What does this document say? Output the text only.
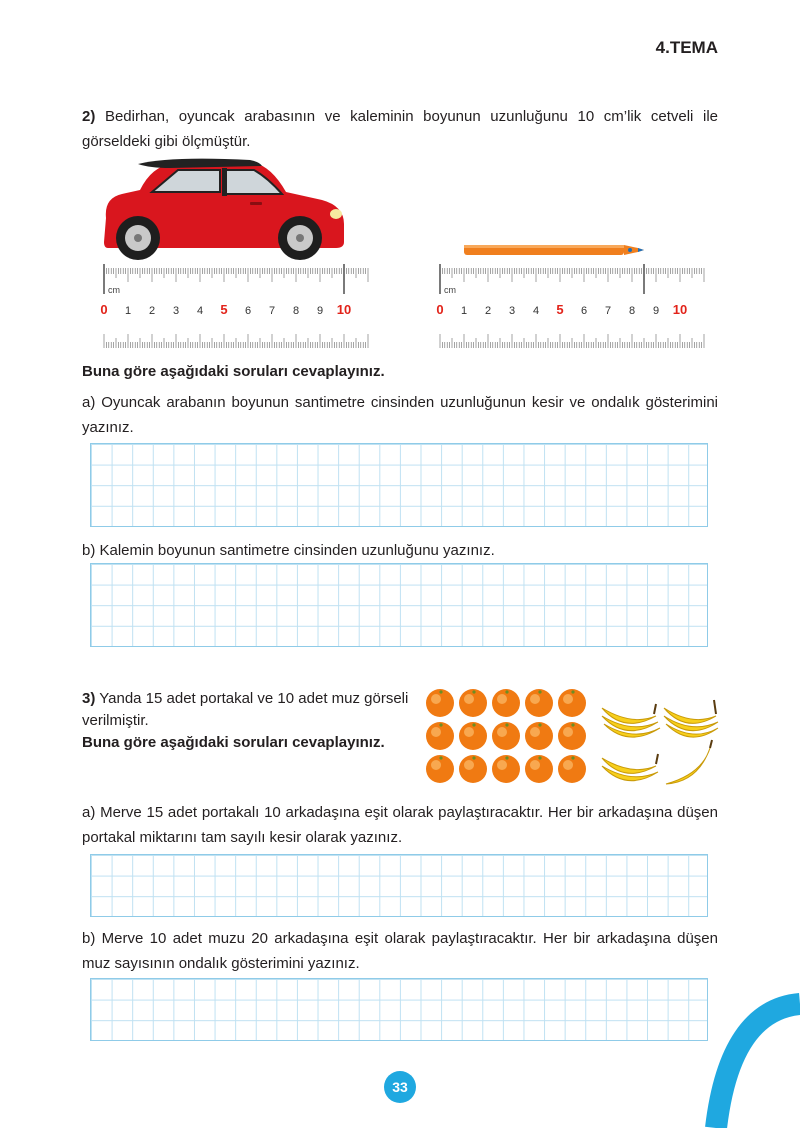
4.TEMA
2) Bedirhan, oyuncak arabasının ve kaleminin boyunun uzunluğunu 10 cm’lik cetveli ile görseldeki gibi ölçmüştür.
cm
0 1 2 3 4 5 6 7 8 9 10
cm
0 1 2 3 4 5 6 7 8 9 10
Buna göre aşağıdaki soruları cevaplayınız.
a) Oyuncak arabanın boyunun santimetre cinsinden uzunluğunun kesir ve ondalık gösterimini yazınız.
b) Kalemin boyunun santimetre cinsinden uzunluğunu yazınız.
3) Yanda 15 adet portakal ve 10 adet muz görseli verilmiştir.
Buna göre aşağıdaki soruları cevaplayınız.
a) Merve 15 adet portakalı 10 arkadaşına eşit olarak paylaştıracaktır. Her bir arkadaşına düşen portakal miktarını tam sayılı kesir olarak yazınız.
b) Merve 10 adet muzu 20 arkadaşına eşit olarak paylaştıracaktır. Her bir arkadaşına düşen muz sayısının ondalık gösterimini yazınız.
33
